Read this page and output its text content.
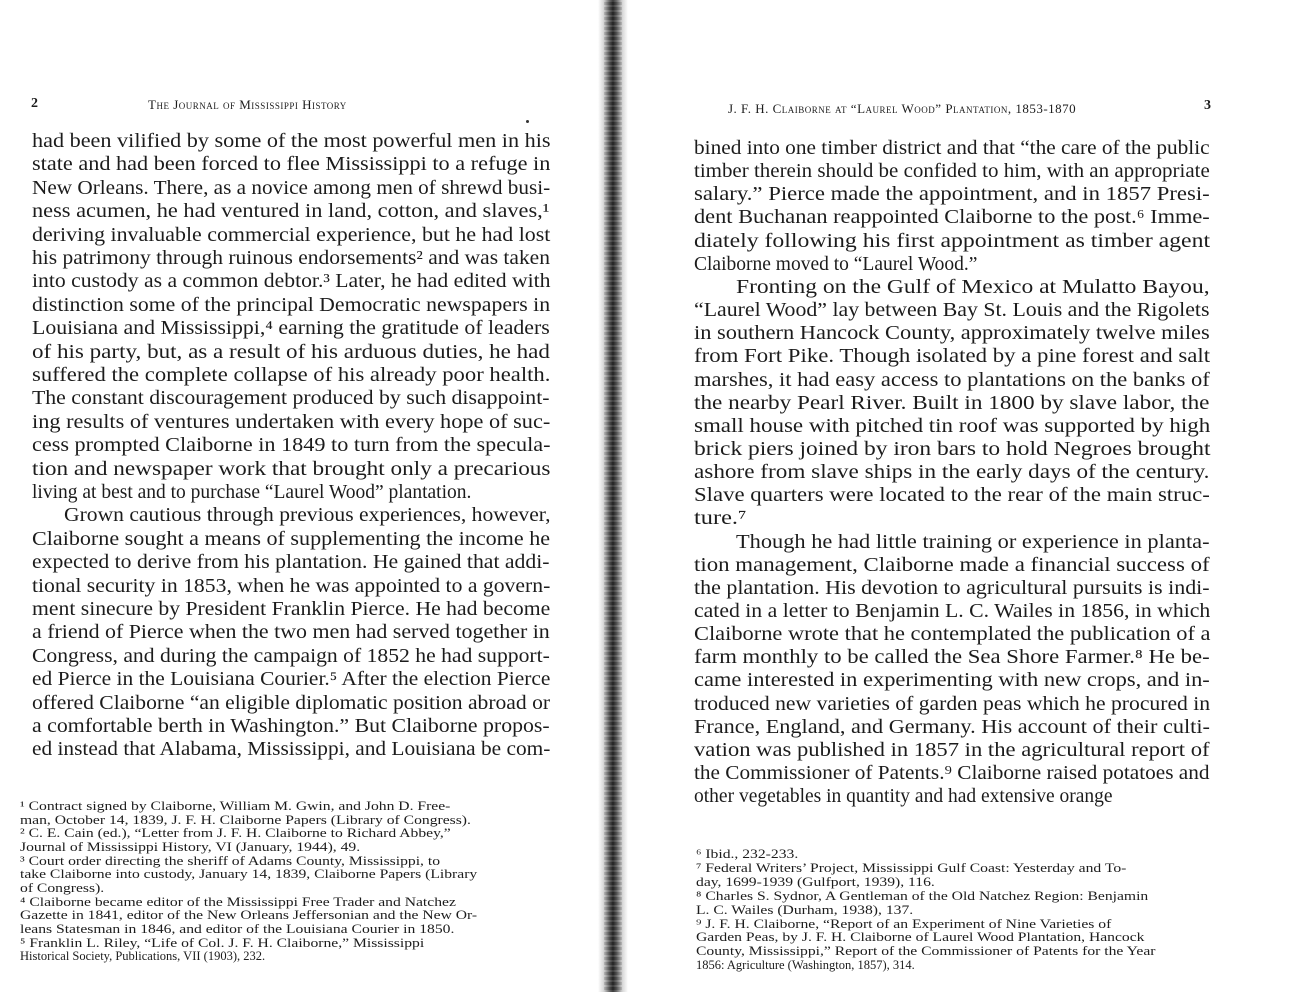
2	The Journal of Mississippi History
had been vilified by some of the most powerful men in his
state and had been forced to flee Mississippi to a refuge in
New Orleans. There, as a novice among men of shrewd busi-
ness acumen, he had ventured in land, cotton, and slaves,¹
deriving invaluable commercial experience, but he had lost
his patrimony through ruinous endorsements² and was taken
into custody as a common debtor.³ Later, he had edited with
distinction some of the principal Democratic newspapers in
Louisiana and Mississippi,⁴ earning the gratitude of leaders
of his party, but, as a result of his arduous duties, he had
suffered the complete collapse of his already poor health.
The constant discouragement produced by such disappoint-
ing results of ventures undertaken with every hope of suc-
cess prompted Claiborne in 1849 to turn from the specula-
tion and newspaper work that brought only a precarious
living at best and to purchase “Laurel Wood” plantation.
Grown cautious through previous experiences, however,
Claiborne sought a means of supplementing the income he
expected to derive from his plantation. He gained that addi-
tional security in 1853, when he was appointed to a govern-
ment sinecure by President Franklin Pierce. He had become
a friend of Pierce when the two men had served together in
Congress, and during the campaign of 1852 he had support-
ed Pierce in the Louisiana Courier.⁵ After the election Pierce
offered Claiborne “an eligible diplomatic position abroad or
a comfortable berth in Washington.” But Claiborne propos-
ed instead that Alabama, Mississippi, and Louisiana be com-
¹ Contract signed by Claiborne, William M. Gwin, and John D. Free-
man, October 14, 1839, J. F. H. Claiborne Papers (Library of Congress).
² C. E. Cain (ed.), “Letter from J. F. H. Claiborne to Richard Abbey,”
Journal of Mississippi History, VI (January, 1944), 49.
³ Court order directing the sheriff of Adams County, Mississippi, to
take Claiborne into custody, January 14, 1839, Claiborne Papers (Library
of Congress).
⁴ Claiborne became editor of the Mississippi Free Trader and Natchez
Gazette in 1841, editor of the New Orleans Jeffersonian and the New Or-
leans Statesman in 1846, and editor of the Louisiana Courier in 1850.
⁵ Franklin L. Riley, “Life of Col. J. F. H. Claiborne,” Mississippi
Historical Society, Publications, VII (1903), 232.
J. F. H. Claiborne at “Laurel Wood” Plantation, 1853-1870	3
bined into one timber district and that “the care of the public
timber therein should be confided to him, with an appropriate
salary.” Pierce made the appointment, and in 1857 Presi-
dent Buchanan reappointed Claiborne to the post.⁶ Imme-
diately following his first appointment as timber agent
Claiborne moved to “Laurel Wood.”
Fronting on the Gulf of Mexico at Mulatto Bayou,
“Laurel Wood” lay between Bay St. Louis and the Rigolets
in southern Hancock County, approximately twelve miles
from Fort Pike. Though isolated by a pine forest and salt
marshes, it had easy access to plantations on the banks of
the nearby Pearl River. Built in 1800 by slave labor, the
small house with pitched tin roof was supported by high
brick piers joined by iron bars to hold Negroes brought
ashore from slave ships in the early days of the century.
Slave quarters were located to the rear of the main struc-
ture.⁷
Though he had little training or experience in planta-
tion management, Claiborne made a financial success of
the plantation. His devotion to agricultural pursuits is indi-
cated in a letter to Benjamin L. C. Wailes in 1856, in which
Claiborne wrote that he contemplated the publication of a
farm monthly to be called the Sea Shore Farmer.⁸ He be-
came interested in experimenting with new crops, and in-
troduced new varieties of garden peas which he procured in
France, England, and Germany. His account of their culti-
vation was published in 1857 in the agricultural report of
the Commissioner of Patents.⁹ Claiborne raised potatoes and
other vegetables in quantity and had extensive orange
⁶ Ibid., 232-233.
⁷ Federal Writers’ Project, Mississippi Gulf Coast: Yesterday and To-
day, 1699-1939 (Gulfport, 1939), 116.
⁸ Charles S. Sydnor, A Gentleman of the Old Natchez Region: Benjamin
L. C. Wailes (Durham, 1938), 137.
⁹ J. F. H. Claiborne, “Report of an Experiment of Nine Varieties of
Garden Peas, by J. F. H. Claiborne of Laurel Wood Plantation, Hancock
County, Mississippi,” Report of the Commissioner of Patents for the Year
1856: Agriculture (Washington, 1857), 314.
